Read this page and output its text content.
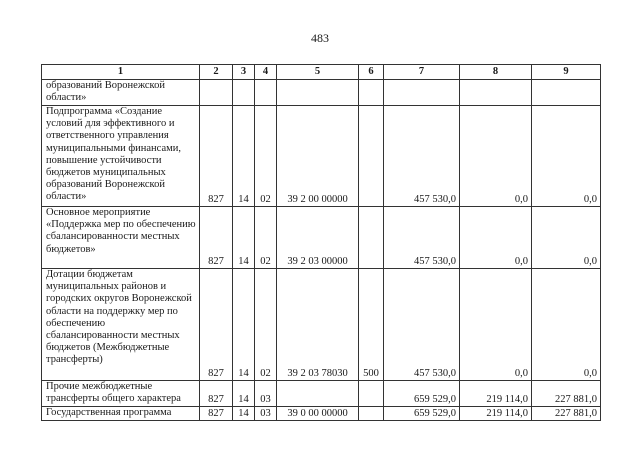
483
1	2	3	4	5	6	7	8	9
образований Воронежской области»								
Подпрограмма «Создание условий для эффективного и ответственного управления муниципальными финансами, повышение устойчивости бюджетов муниципальных образований Воронежской области»	827	14	02	39 2 00 00000		457 530,0	0,0	0,0
Основное мероприятие «Поддержка мер по обеспечению сбалансированности местных бюджетов»	827	14	02	39 2 03 00000		457 530,0	0,0	0,0
Дотации бюджетам муниципальных районов и городских округов Воронежской области на поддержку мер по обеспечению сбалансированности местных бюджетов (Межбюджетные трансферты)	827	14	02	39 2 03 78030	500	457 530,0	0,0	0,0
Прочие межбюджетные трансферты общего характера	827	14	03			659 529,0	219 114,0	227 881,0
Государственная программа	827	14	03	39 0 00 00000		659 529,0	219 114,0	227 881,0
